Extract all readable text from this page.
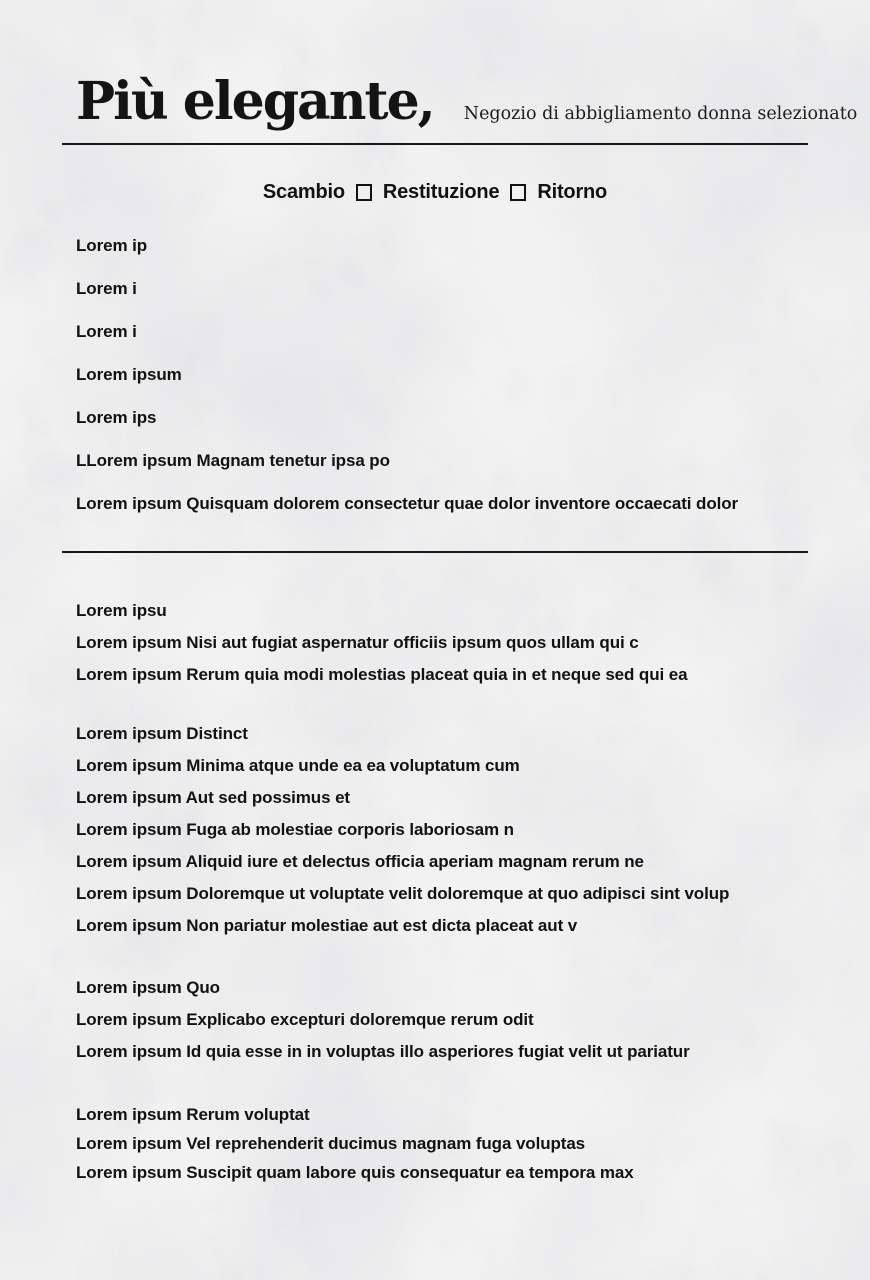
Più elegante, Negozio di abbigliamento donna selezionato
Scambio Restituzione Ritorno
Lorem ip
Lorem i
Lorem i
Lorem ipsum
Lorem ips
LLorem ipsum Magnam tenetur ipsa po
Lorem ipsum Quisquam dolorem consectetur quae dolor inventore occaecati dolor
Lorem ipsu
Lorem ipsum Nisi aut fugiat aspernatur officiis ipsum quos ullam qui c
Lorem ipsum Rerum quia modi molestias placeat quia in et neque sed qui ea
Lorem ipsum Distinct
Lorem ipsum Minima atque unde ea ea voluptatum cum
Lorem ipsum Aut sed possimus et
Lorem ipsum Fuga ab molestiae corporis laboriosam n
Lorem ipsum Aliquid iure et delectus officia aperiam magnam rerum ne
Lorem ipsum Doloremque ut voluptate velit doloremque at quo adipisci sint volup
Lorem ipsum Non pariatur molestiae aut est dicta placeat aut v
Lorem ipsum Quo
Lorem ipsum Explicabo excepturi doloremque rerum odit
Lorem ipsum Id quia esse in in voluptas illo asperiores fugiat velit ut pariatur
Lorem ipsum Rerum voluptat
Lorem ipsum Vel reprehenderit ducimus magnam fuga voluptas
Lorem ipsum Suscipit quam labore quis consequatur ea tempora max
